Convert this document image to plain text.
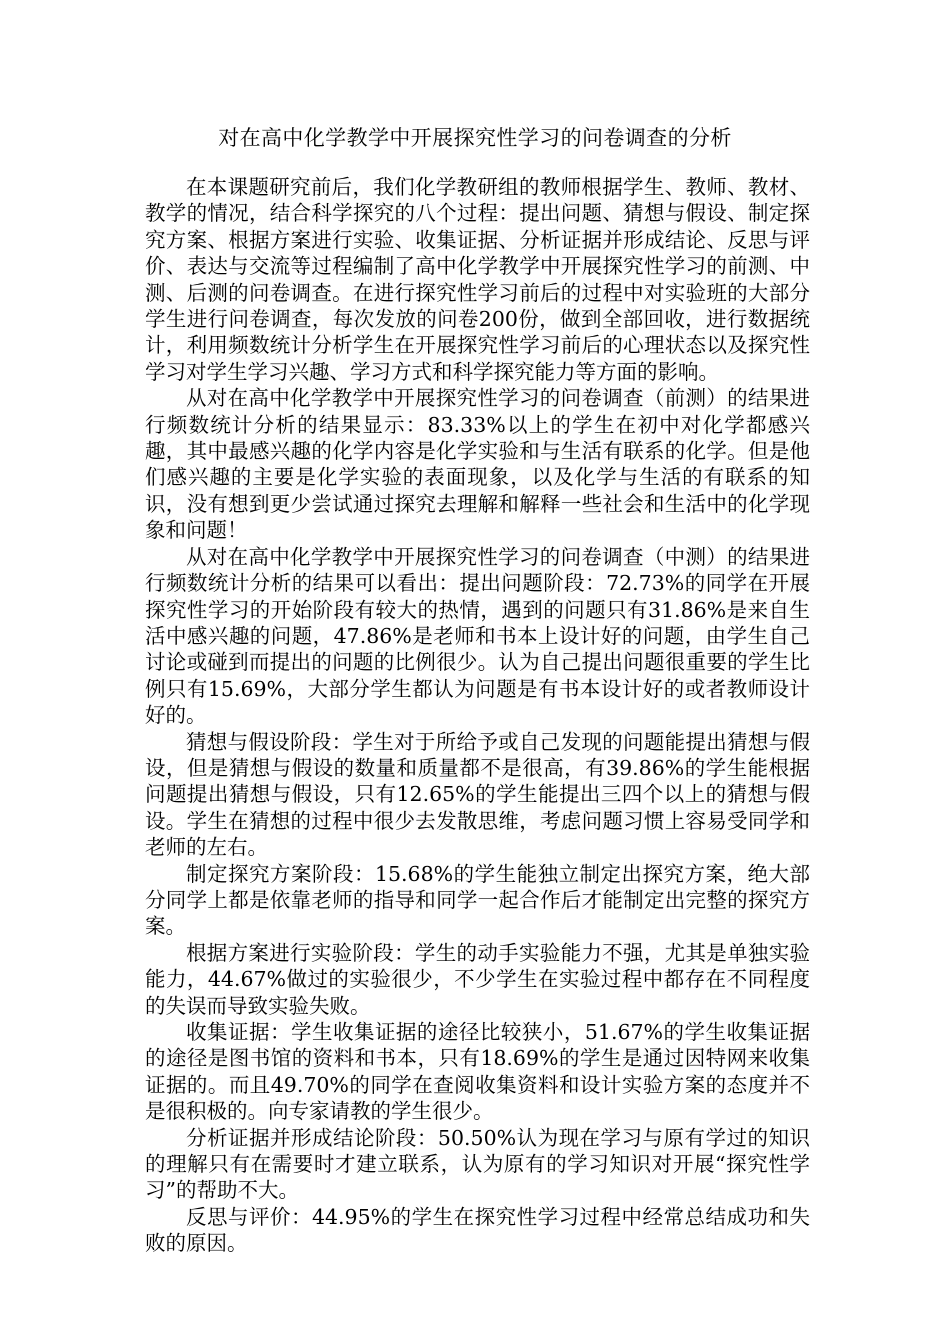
对在高中化学教学中开展探究性学习的问卷调查的分析

在本课题研究前后，我们化学教研组的教师根据学生、教师、教材、教学的情况，结合科学探究的八个过程：提出问题、猜想与假设、制定探究方案、根据方案进行实验、收集证据、分析证据并形成结论、反思与评价、表达与交流等过程编制了高中化学教学中开展探究性学习的前测、中测、后测的问卷调查。在进行探究性学习前后的过程中对实验班的大部分学生进行问卷调查，每次发放的问卷200份，做到全部回收，进行数据统计，利用频数统计分析学生在开展探究性学习前后的心理状态以及探究性学习对学生学习兴趣、学习方式和科学探究能力等方面的影响。

从对在高中化学教学中开展探究性学习的问卷调查（前测）的结果进行频数统计分析的结果显示：83.33%以上的学生在初中对化学都感兴趣，其中最感兴趣的化学内容是化学实验和与生活有联系的化学。但是他们感兴趣的主要是化学实验的表面现象，以及化学与生活的有联系的知识，没有想到更少尝试通过探究去理解和解释一些社会和生活中的化学现象和问题！

从对在高中化学教学中开展探究性学习的问卷调查（中测）的结果进行频数统计分析的结果可以看出：提出问题阶段：72.73%的同学在开展探究性学习的开始阶段有较大的热情，遇到的问题只有31.86%是来自生活中感兴趣的问题，47.86%是老师和书本上设计好的问题，由学生自己讨论或碰到而提出的问题的比例很少。认为自己提出问题很重要的学生比例只有15.69%，大部分学生都认为问题是有书本设计好的或者教师设计好的。

猜想与假设阶段：学生对于所给予或自己发现的问题能提出猜想与假设，但是猜想与假设的数量和质量都不是很高，有39.86%的学生能根据问题提出猜想与假设，只有12.65%的学生能提出三四个以上的猜想与假设。学生在猜想的过程中很少去发散思维，考虑问题习惯上容易受同学和老师的左右。

制定探究方案阶段：15.68%的学生能独立制定出探究方案，绝大部分同学上都是依靠老师的指导和同学一起合作后才能制定出完整的探究方案。

根据方案进行实验阶段：学生的动手实验能力不强，尤其是单独实验能力，44.67%做过的实验很少，不少学生在实验过程中都存在不同程度的失误而导致实验失败。

收集证据：学生收集证据的途径比较狭小，51.67%的学生收集证据的途径是图书馆的资料和书本，只有18.69%的学生是通过因特网来收集证据的。而且49.70%的同学在查阅收集资料和设计实验方案的态度并不是很积极的。向专家请教的学生很少。

分析证据并形成结论阶段：50.50%认为现在学习与原有学过的知识的理解只有在需要时才建立联系，认为原有的学习知识对开展“探究性学习”的帮助不大。

反思与评价：44.95%的学生在探究性学习过程中经常总结成功和失败的原因。
